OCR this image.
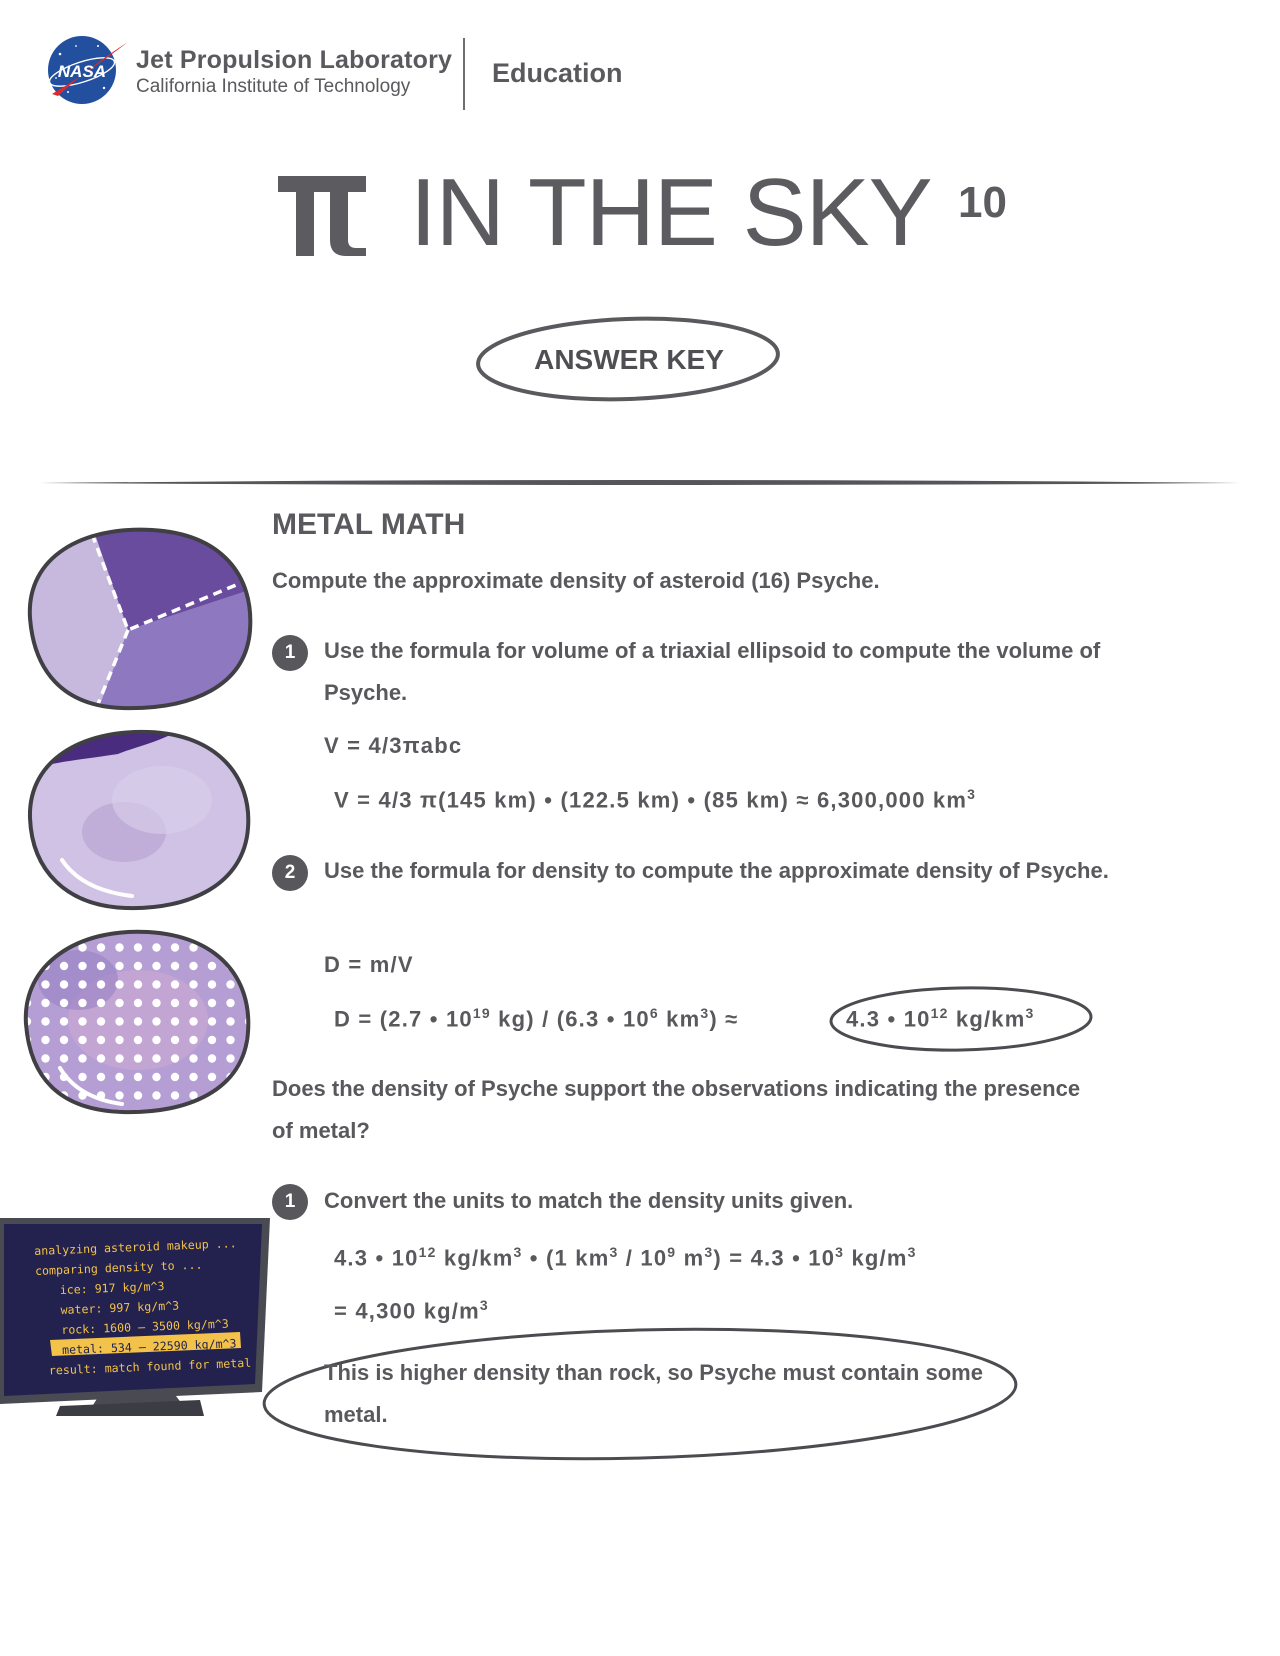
NASA Jet Propulsion Laboratory
California Institute of Technology	Education
IN THE SKY 10
ANSWER KEY
METAL MATH
Compute the approximate density of asteroid (16) Psyche.
1	Use the formula for volume of a triaxial ellipsoid to compute the volume of Psyche.
V = 4/3πabc
V = 4/3 π(145 km) • (122.5 km) • (85 km) ≈ 6,300,000 $km^3$
2	Use the formula for density to compute the approximate density of Psyche.
D = m/V
D = (2.7 • $10^{19}$ kg) / (6.3 • $10^6$ $km^3$) ≈	4.3 • $10^{12}$ $kg/km^3$
Does the density of Psyche support the observations indicating the presence of metal?
1	Convert the units to match the density units given.
4.3 • $10^{12}$ $kg/km^3$ • (1 $km^3 / 10^9$ $m^3) = 4.3$ • $10^3$ $kg/m^3$
= 4,300 $kg/m^3$
This is higher density than rock, so Psyche must contain some metal.
analyzing asteroid makeup ...
comparing density to ...
ice: 917 kg/m^3
water: 997 kg/m^3
rock: 1600 – 3500 kg/m^3
metal: 534 – 22590 kg/m^3
result: match found for metal
